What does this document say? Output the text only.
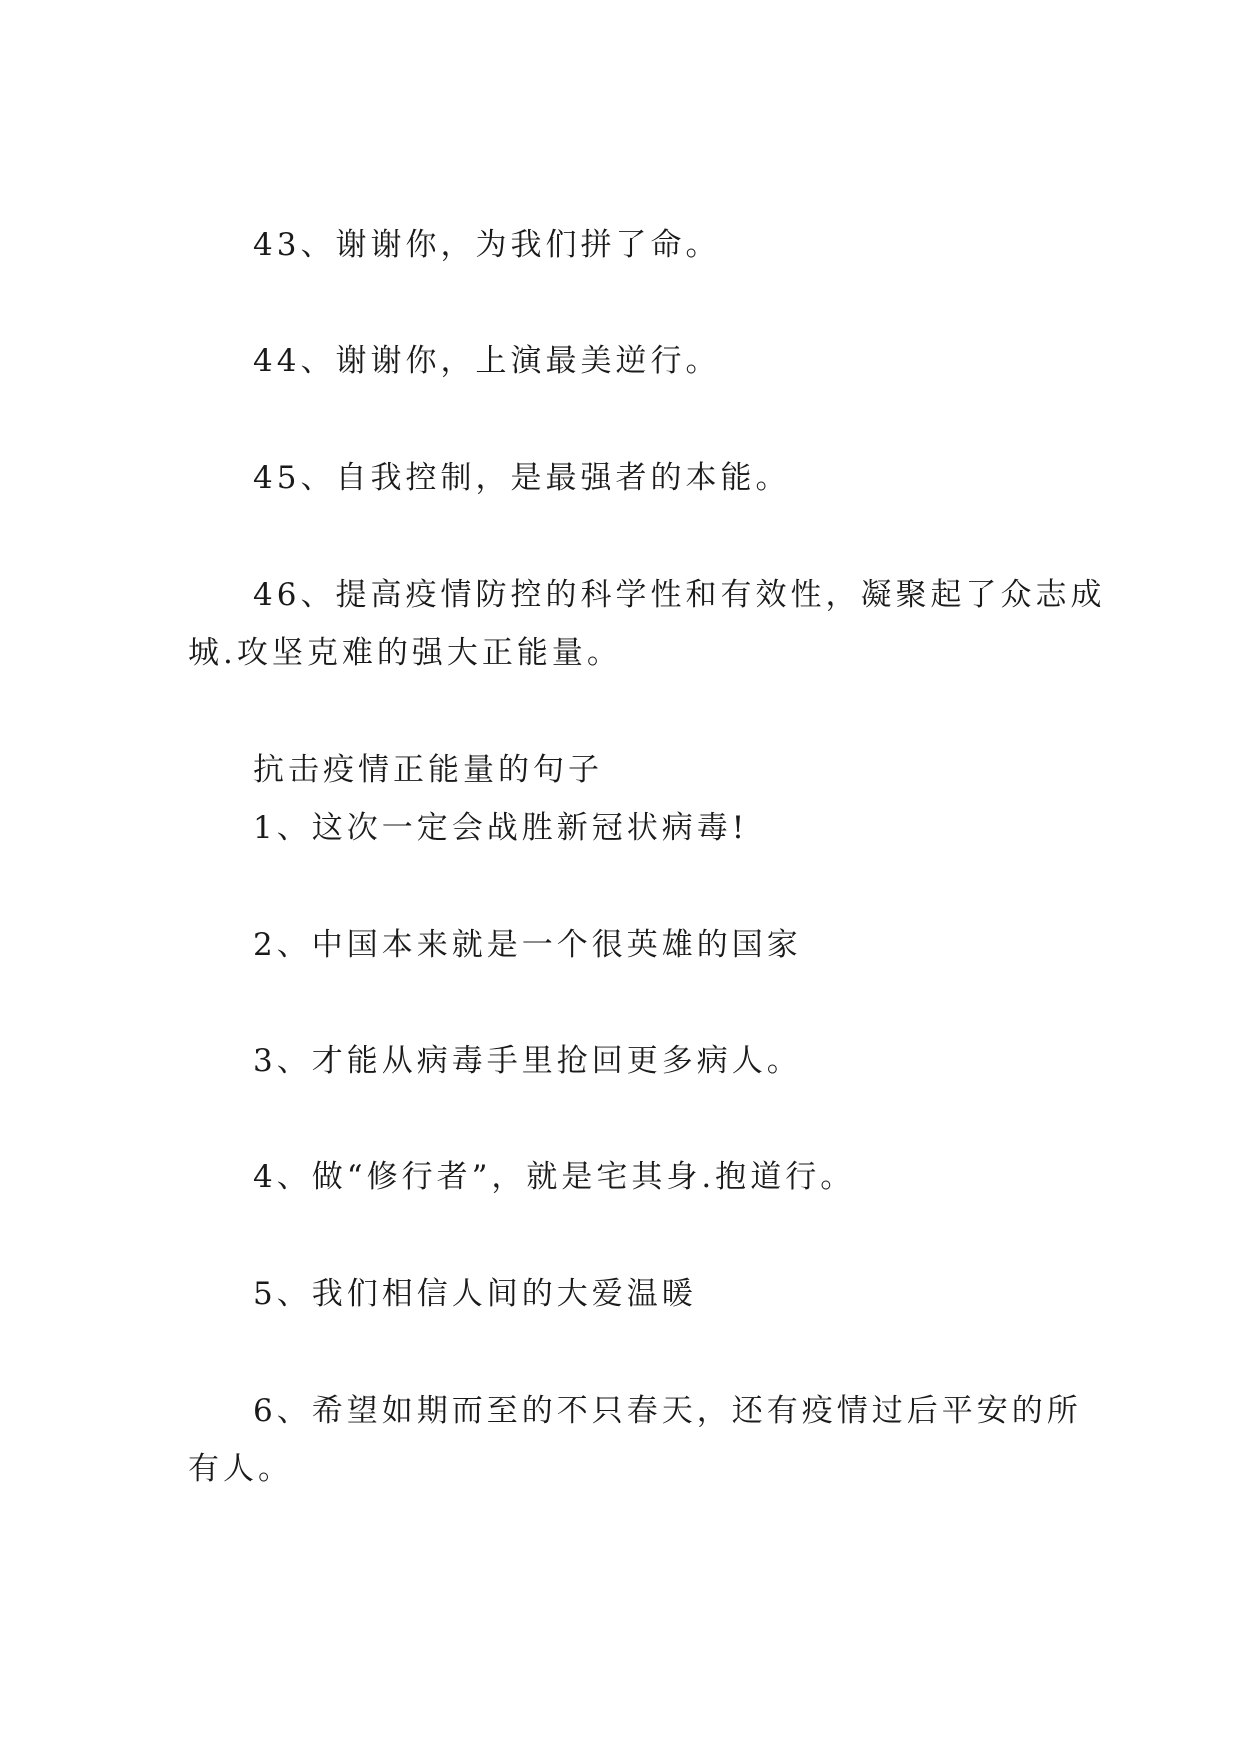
43、谢谢你，为我们拼了命。
44、谢谢你，上演最美逆行。
45、自我控制，是最强者的本能。
46、提高疫情防控的科学性和有效性，凝聚起了众志成
城.攻坚克难的强大正能量。
抗击疫情正能量的句子
1、这次一定会战胜新冠状病毒!
2、中国本来就是一个很英雄的国家
3、才能从病毒手里抢回更多病人。
4、做“修行者”，就是宅其身.抱道行。
5、我们相信人间的大爱温暖
6、希望如期而至的不只春天，还有疫情过后平安的所
有人。
